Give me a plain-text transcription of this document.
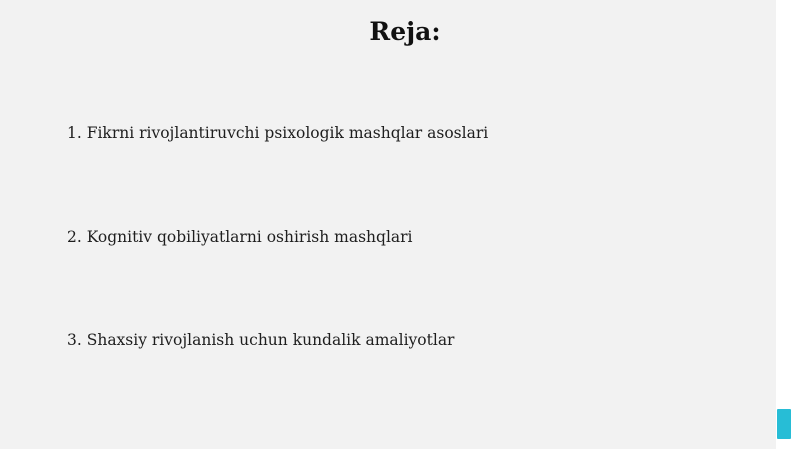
Reja:
1. Fikrni rivojlantiruvchi psixologik mashqlar asoslari
2. Kognitiv qobiliyatlarni oshirish mashqlari
3. Shaxsiy rivojlanish uchun kundalik amaliyotlar
